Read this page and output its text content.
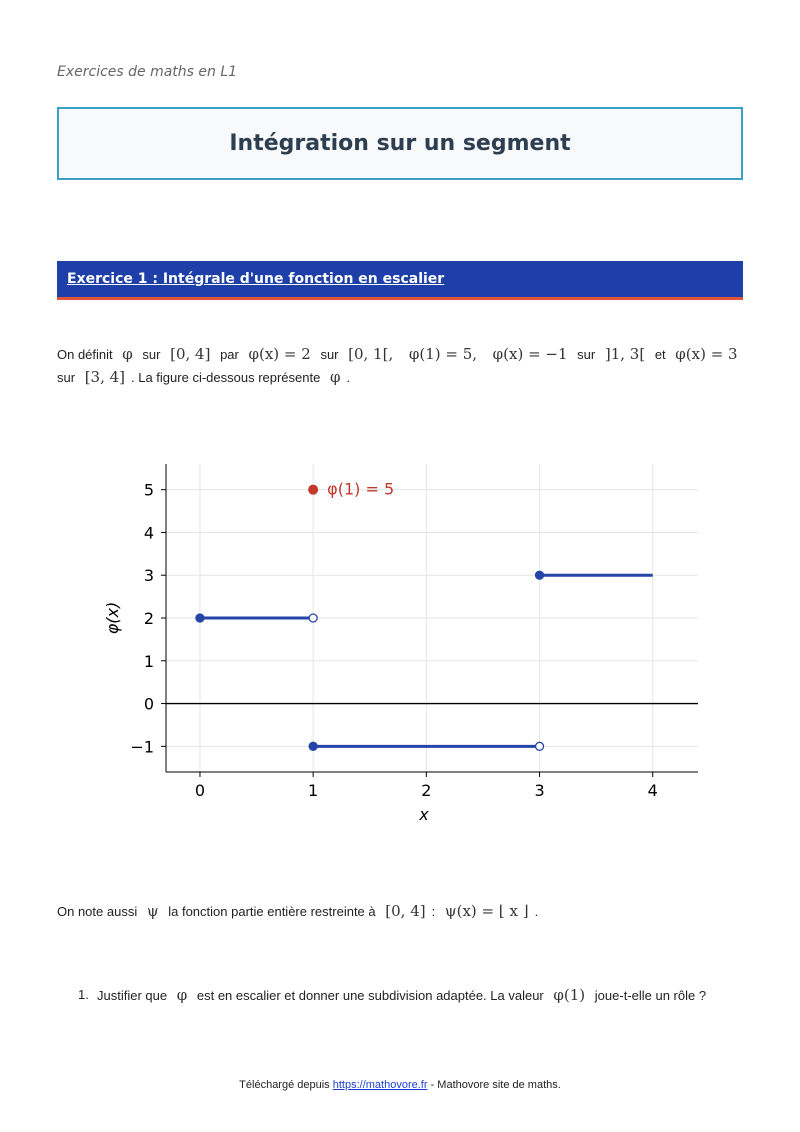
Exercices de maths en L1
Intégration sur un segment
Exercice 1 : Intégrale d'une fonction en escalier
On définit φ sur [0, 4] par φ(x) = 2 sur [0, 1[, φ(1) = 5, φ(x) = −1 sur ]1, 3[ et φ(x) = 3 sur [3, 4] . La figure ci-dessous représente φ .
0	1	2	3	4
−1
0
1
2
3
4
5
x
φ(x)
φ(1) = 5
On note aussi ψ la fonction partie entière restreinte à [0, 4] : ψ(x) = ⌊ x ⌋ .
1. Justifier que φ est en escalier et donner une subdivision adaptée. La valeur φ(1) joue-t-elle un rôle ?
Téléchargé depuis https://mathovore.fr - Mathovore site de maths.
